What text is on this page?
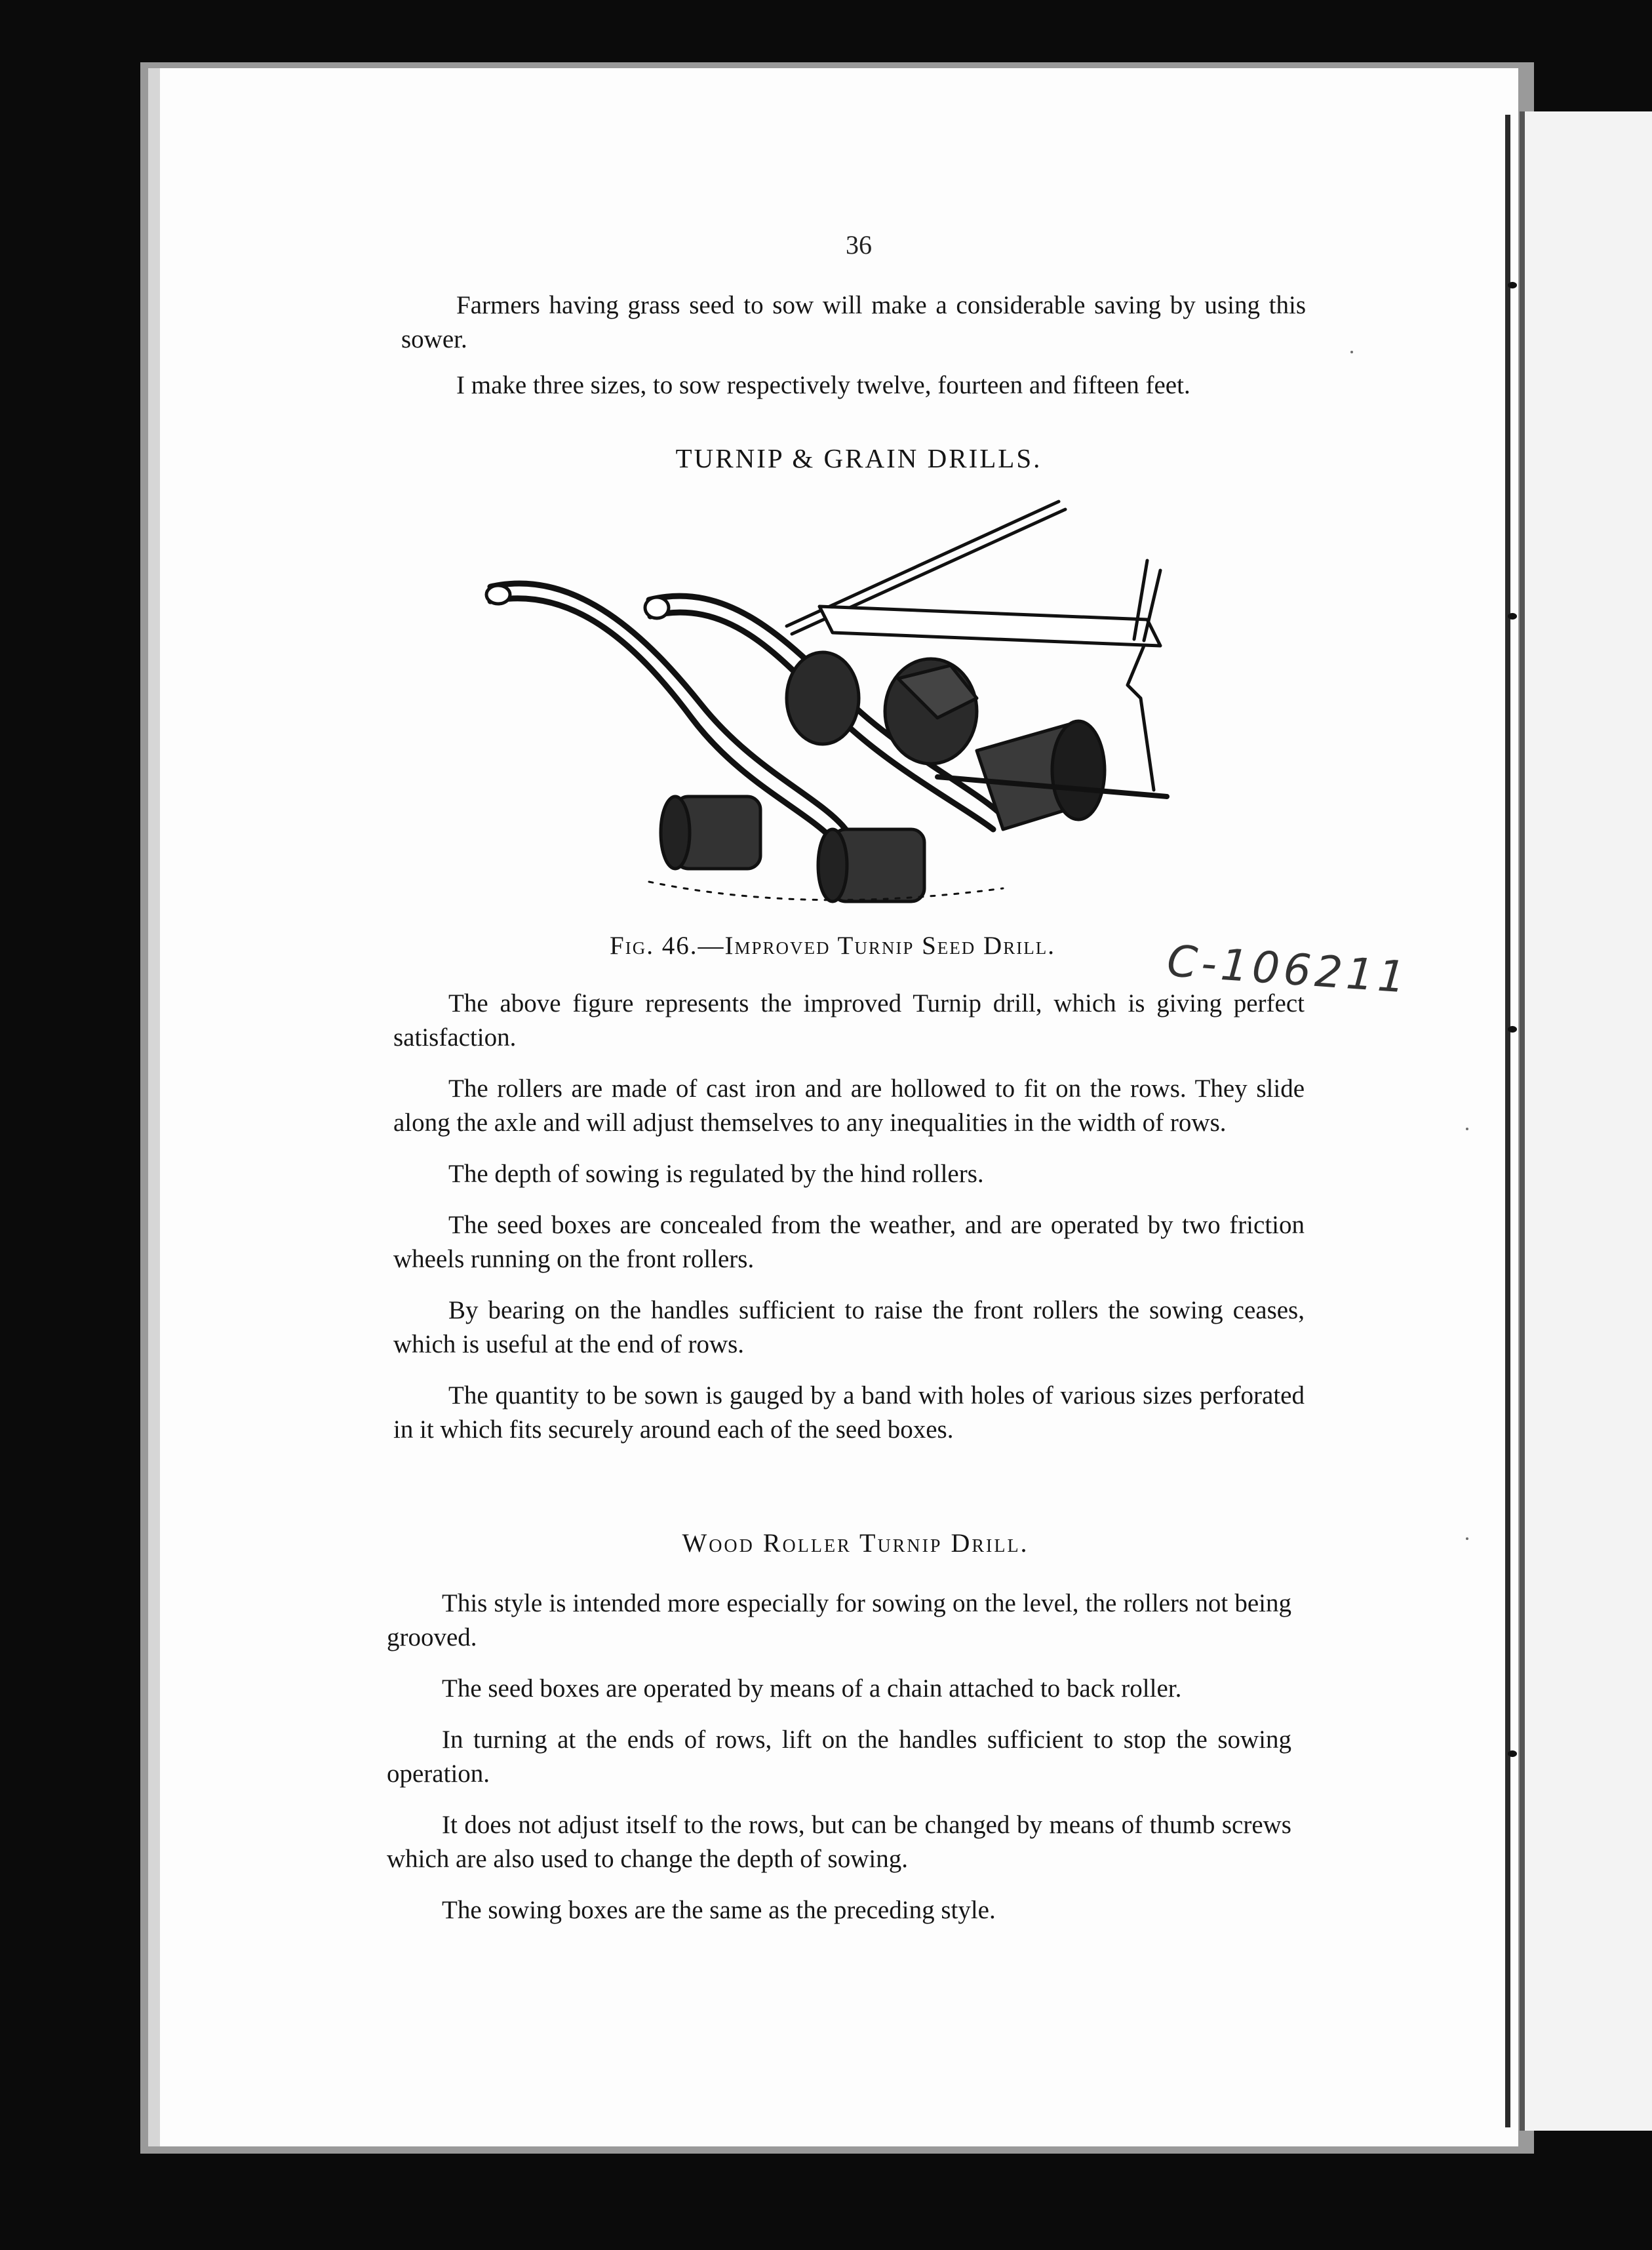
36

Farmers having grass seed to sow will make a considerable saving by using this sower.

I make three sizes, to sow respectively twelve, fourteen and fifteen feet.

TURNIP & GRAIN DRILLS.
Fig. 46.—Improved Turnip Seed Drill.	C-106211

The above figure represents the improved Turnip drill, which is giving perfect satisfaction.

The rollers are made of cast iron and are hollowed to fit on the rows. They slide along the axle and will adjust themselves to any inequalities in the width of rows.

The depth of sowing is regulated by the hind rollers.

The seed boxes are concealed from the weather, and are operated by two friction wheels running on the front rollers.

By bearing on the handles sufficient to raise the front rollers the sowing ceases, which is useful at the end of rows.

The quantity to be sown is gauged by a band with holes of various sizes perforated in it which fits securely around each of the seed boxes.

Wood Roller Turnip Drill.

This style is intended more especially for sowing on the level, the rollers not being grooved.

The seed boxes are operated by means of a chain attached to back roller.

In turning at the ends of rows, lift on the handles sufficient to stop the sowing operation.

It does not adjust itself to the rows, but can be changed by means of thumb screws which are also used to change the depth of sowing.

The sowing boxes are the same as the preceding style.
